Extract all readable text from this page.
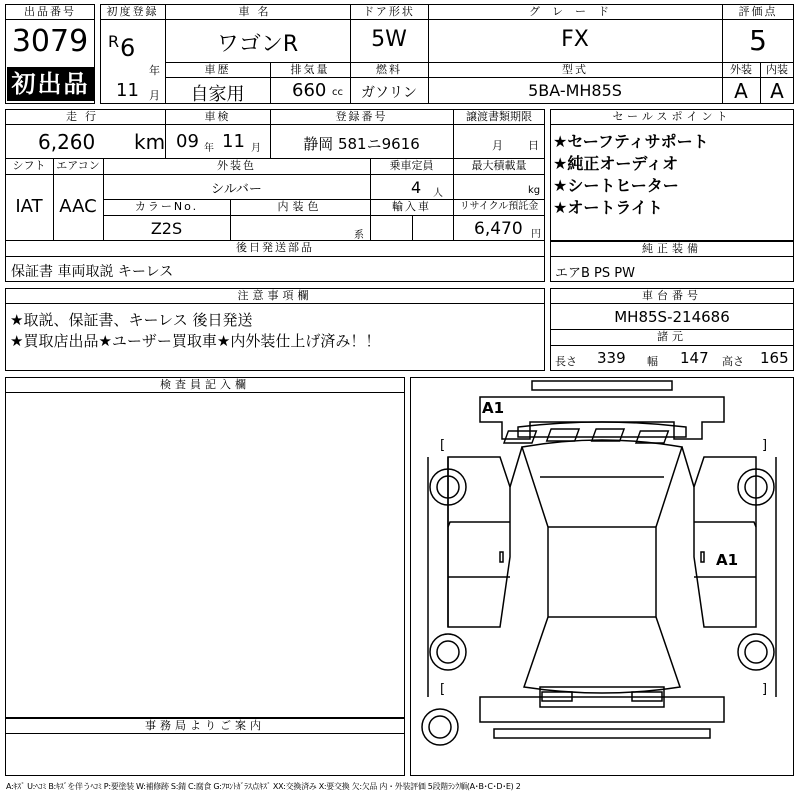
出品番号
3079
初出品
初度登録
R 6
年
11 月
車名
ワゴンR
ドア形状
5W
グレード
FX
評価点
5
車歴
自家用
排気量
660 cc
燃料
ガソリン
型式
5BA-MH85S
外装	内装
A	A
走行
6,260 km
車検
09 年 11 月
登録番号
静岡 581ニ9616
譲渡書類期限
月 日
シフト
IAT
エアコン
AAC
外装色
シルバー
乗車定員
4 人
最大積載量
kg
カラーNo.
Z2S
内装色
系
輸入車	リサイクル預託金
6,470 円
後日発送部品
保証書 車両取説 キーレス
セールスポイント
★セーフティサポート
★純正オーディオ
★シートヒーター
★オートライト
純正装備
エアB PS PW
注意事項欄
★取説、保証書、キーレス 後日発送
★買取店出品★ユーザー買取車★内外装仕上げ済み！！
車台番号
MH85S-214686
諸元
長さ 339 幅 147 高さ 165
検査員記入欄
事務局よりご案内
[	]
[	]
A1
A1
A:ｷｽﾞ U:ﾍｺﾐ B:ｷｽﾞを伴うﾍｺﾐ P:要塗装 W:補修跡 S:錆 C:腐食 G:ﾌﾛﾝﾄｶﾞﾗｽ点ｷｽﾞ XX:交換済み X:要交換 欠:欠品 内・外装評価 5段階ﾗﾝｸ順(A･B･C･D･E) 2
